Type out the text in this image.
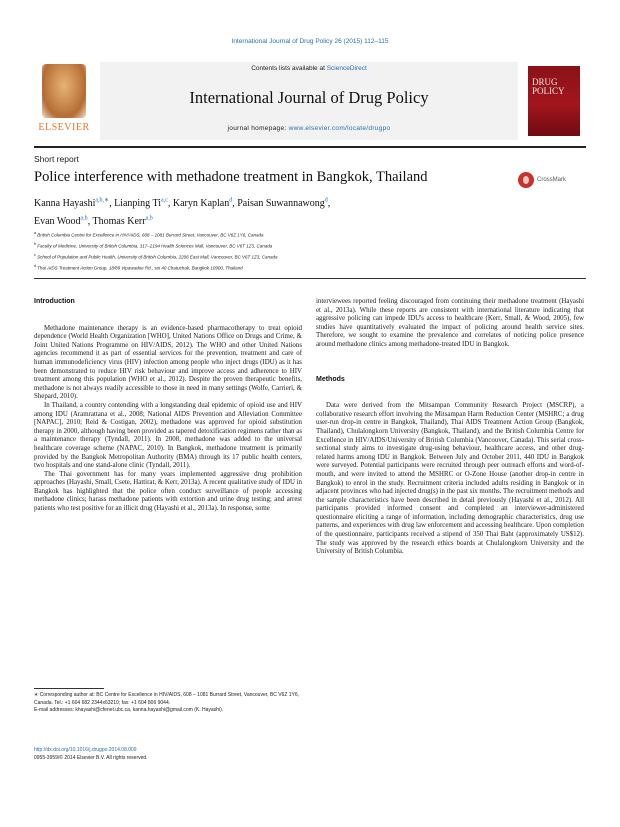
International Journal of Drug Policy 26 (2015) 112–115
ELSEVIER
Contents lists available at ScienceDirect
International Journal of Drug Policy
journal homepage: www.elsevier.com/locate/drugpo
DRUG POLICY
Short report
Police interference with methadone treatment in Bangkok, Thailand	CrossMark
Kanna Hayashi$^{a,b,∗}$, Lianping Ti$^{a,c}$, Karyn Kaplan$^d$, Paisan Suwannawong$^d$,
Evan Wood$^{a,b}$, Thomas Kerr$^{a,b}$
$^a$ British Columbia Centre for Excellence in HIV/AIDS, 608 – 1081 Burrard Street, Vancouver, BC V6Z 1Y6, Canada
$^b$ Faculty of Medicine, University of British Columbia, 317–2194 Health Sciences Mall, Vancouver, BC V6T 1Z3, Canada
$^c$ School of Population and Public Health, University of British Columbia, 2206 East Mall, Vancouver, BC V6T 1Z3, Canada
$^d$ Thai AIDS Treatment Action Group, 18/89 Vipawadee Rd., soi 40 Chatuchak, Bangkok 10900, Thailand
Introduction

Methadone maintenance therapy is an evidence-based pharmacotherapy to treat opioid dependence (World Health Organization [WHO], United Nations Office on Drugs and Crime, & Joint United Nations Programme on HIV/AIDS, 2012). The WHO and other United Nations agencies recommend it as part of essential services for the prevention, treatment and care of human immunodeficiency virus (HIV) infection among people who inject drugs (IDU) as it has been demonstrated to reduce HIV risk behaviour and improve access and adherence to HIV treatment among this population (WHO et al., 2012). Despite the proven therapeutic benefits, methadone is not always readily accessible to those in need in many settings (Wolfe, Carrieri, & Shepard, 2010).

In Thailand, a country contending with a longstanding dual epidemic of opioid use and HIV among IDU (Aramrattana et al., 2008; National AIDS Prevention and Alleviation Committee [NAPAC], 2010; Reid & Costigan, 2002), methadone was approved for opioid substitution therapy in 2000, although having been provided as tapered detoxification regimens rather than as a maintenance therapy (Tyndall, 2011). In 2008, methadone was added to the universal healthcare coverage scheme (NAPAC, 2010). In Bangkok, methadone treatment is primarily provided by the Bangkok Metropolitan Authority (BMA) through its 17 public health centers, two hospitals and one stand-alone clinic (Tyndall, 2011).

The Thai government has for many years implemented aggressive drug prohibition approaches (Hayashi, Small, Csete, Hattirat, & Kerr, 2013a). A recent qualitative study of IDU in Bangkok has highlighted that the police often conduct surveillance of people accessing methadone clinics; harass methadone patients with extortion and urine drug testing; and arrest patients who test positive for an illicit drug (Hayashi et al., 2013a). In response, some

∗ Corresponding author at: BC Centre for Excellence in HIV/AIDS, 608 – 1081 Burrard Street, Vancouver, BC V6Z 1Y6, Canada. Tel.: +1 604 682 2344x63210; fax: +1 604 806 9044.
E-mail addresses: khayashi@cfenet.ubc.ca, kanna.hayashi@gmail.com (K. Hayashi).
http://dx.doi.org/10.1016/j.drugpo.2014.08.009
0955-3959/© 2014 Elsevier B.V. All rights reserved.

interviewees reported feeling discouraged from continuing their methadone treatment (Hayashi et al., 2013a). While these reports are consistent with international literature indicating that aggressive policing can impede IDU's access to healthcare (Kerr, Small, & Wood, 2005), few studies have quantitatively evaluated the impact of policing around health service sites. Therefore, we sought to examine the prevalence and correlates of noticing police presence around methadone clinics among methadone-treated IDU in Bangkok.

Methods

Data were derived from the Mitsampan Community Research Project (MSCRP), a collaborative research effort involving the Mitsampan Harm Reduction Center (MSHRC; a drug user-run drop-in centre in Bangkok, Thailand), Thai AIDS Treatment Action Group (Bangkok, Thailand), Chulalongkorn University (Bangkok, Thailand), and the British Columbia Centre for Excellence in HIV/AIDS/University of British Columbia (Vancouver, Canada). This serial cross-sectional study aims to investigate drug-using behaviour, healthcare access, and other drug-related harms among IDU in Bangkok. Between July and October 2011, 440 IDU in Bangkok were surveyed. Potential participants were recruited through peer outreach efforts and word-of-mouth, and were invited to attend the MSHRC or O-Zone House (another drop-in centre in Bangkok) to enrol in the study. Recruitment criteria included adults residing in Bangkok or in adjacent provinces who had injected drug(s) in the past six months. The recruitment methods and the sample characteristics have been described in detail previously (Hayashi et al., 2012). All participants provided informed consent and completed an interviewer-administered questionnaire eliciting a range of information, including demographic characteristics, drug use patterns, and experiences with drug law enforcement and accessing healthcare. Upon completion of the questionnaire, participants received a stipend of 350 Thai Baht (approximately US$12). The study was approved by the research ethics boards at Chulalongkorn University and the University of British Columbia.
